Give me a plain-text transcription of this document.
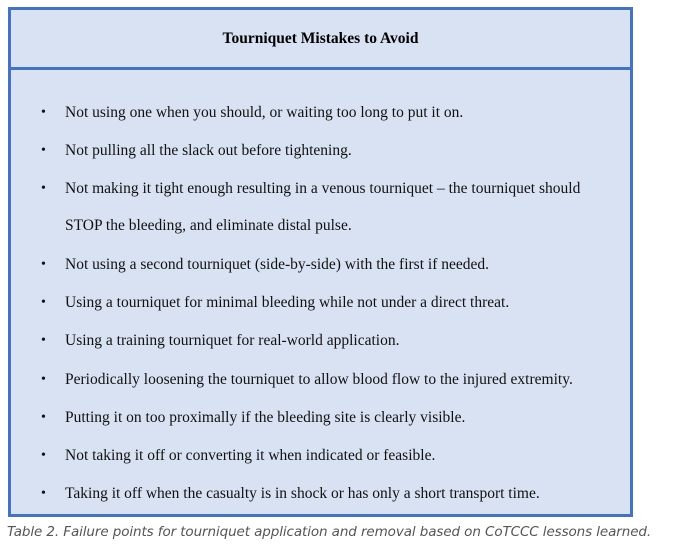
Tourniquet Mistakes to Avoid
• Not using one when you should, or waiting too long to put it on.
• Not pulling all the slack out before tightening.
• Not making it tight enough resulting in a venous tourniquet – the tourniquet should STOP the bleeding, and eliminate distal pulse.
• Not using a second tourniquet (side-by-side) with the first if needed.
• Using a tourniquet for minimal bleeding while not under a direct threat.
• Using a training tourniquet for real-world application.
• Periodically loosening the tourniquet to allow blood flow to the injured extremity.
• Putting it on too proximally if the bleeding site is clearly visible.
• Not taking it off or converting it when indicated or feasible.
• Taking it off when the casualty is in shock or has only a short transport time.
Table 2. Failure points for tourniquet application and removal based on CoTCCC lessons learned.
